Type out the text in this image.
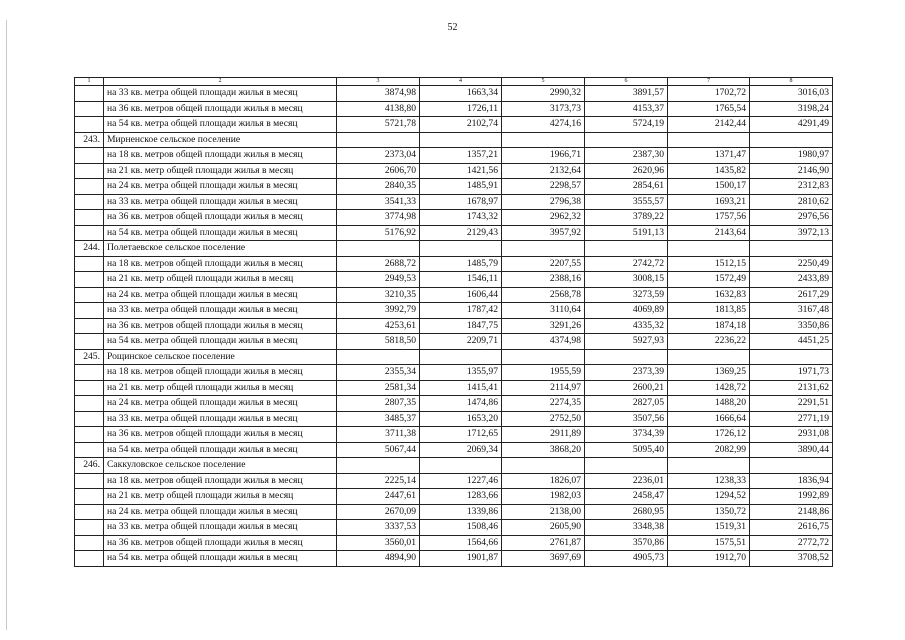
52
1	2	3	4	5	6	7	8
	на 33 кв. метра общей площади жилья в месяц	3874,98	1663,34	2990,32	3891,57	1702,72	3016,03
	на 36 кв. метров общей площади жилья в месяц	4138,80	1726,11	3173,73	4153,37	1765,54	3198,24
	на 54 кв. метра общей площади жилья в месяц	5721,78	2102,74	4274,16	5724,19	2142,44	4291,49
243.	Мирненское сельское поселение						
	на 18 кв. метров общей площади жилья в месяц	2373,04	1357,21	1966,71	2387,30	1371,47	1980,97
	на 21 кв. метр общей площади жилья в месяц	2606,70	1421,56	2132,64	2620,96	1435,82	2146,90
	на 24 кв. метра общей площади жилья в месяц	2840,35	1485,91	2298,57	2854,61	1500,17	2312,83
	на 33 кв. метра общей площади жилья в месяц	3541,33	1678,97	2796,38	3555,57	1693,21	2810,62
	на 36 кв. метров общей площади жилья в месяц	3774,98	1743,32	2962,32	3789,22	1757,56	2976,56
	на 54 кв. метра общей площади жилья в месяц	5176,92	2129,43	3957,92	5191,13	2143,64	3972,13
244.	Полетаевское сельское поселение						
	на 18 кв. метров общей площади жилья в месяц	2688,72	1485,79	2207,55	2742,72	1512,15	2250,49
	на 21 кв. метр общей площади жилья в месяц	2949,53	1546,11	2388,16	3008,15	1572,49	2433,89
	на 24 кв. метра общей площади жилья в месяц	3210,35	1606,44	2568,78	3273,59	1632,83	2617,29
	на 33 кв. метра общей площади жилья в месяц	3992,79	1787,42	3110,64	4069,89	1813,85	3167,48
	на 36 кв. метров общей площади жилья в месяц	4253,61	1847,75	3291,26	4335,32	1874,18	3350,86
	на 54 кв. метра общей площади жилья в месяц	5818,50	2209,71	4374,98	5927,93	2236,22	4451,25
245.	Рощинское сельское поселение						
	на 18 кв. метров общей площади жилья в месяц	2355,34	1355,97	1955,59	2373,39	1369,25	1971,73
	на 21 кв. метр общей площади жилья в месяц	2581,34	1415,41	2114,97	2600,21	1428,72	2131,62
	на 24 кв. метра общей площади жилья в месяц	2807,35	1474,86	2274,35	2827,05	1488,20	2291,51
	на 33 кв. метра общей площади жилья в месяц	3485,37	1653,20	2752,50	3507,56	1666,64	2771,19
	на 36 кв. метров общей площади жилья в месяц	3711,38	1712,65	2911,89	3734,39	1726,12	2931,08
	на 54 кв. метра общей площади жилья в месяц	5067,44	2069,34	3868,20	5095,40	2082,99	3890,44
246.	Саккуловское сельское поселение						
	на 18 кв. метров общей площади жилья в месяц	2225,14	1227,46	1826,07	2236,01	1238,33	1836,94
	на 21 кв. метр общей площади жилья в месяц	2447,61	1283,66	1982,03	2458,47	1294,52	1992,89
	на 24 кв. метра общей площади жилья в месяц	2670,09	1339,86	2138,00	2680,95	1350,72	2148,86
	на 33 кв. метра общей площади жилья в месяц	3337,53	1508,46	2605,90	3348,38	1519,31	2616,75
	на 36 кв. метров общей площади жилья в месяц	3560,01	1564,66	2761,87	3570,86	1575,51	2772,72
	на 54 кв. метра общей площади жилья в месяц	4894,90	1901,87	3697,69	4905,73	1912,70	3708,52
